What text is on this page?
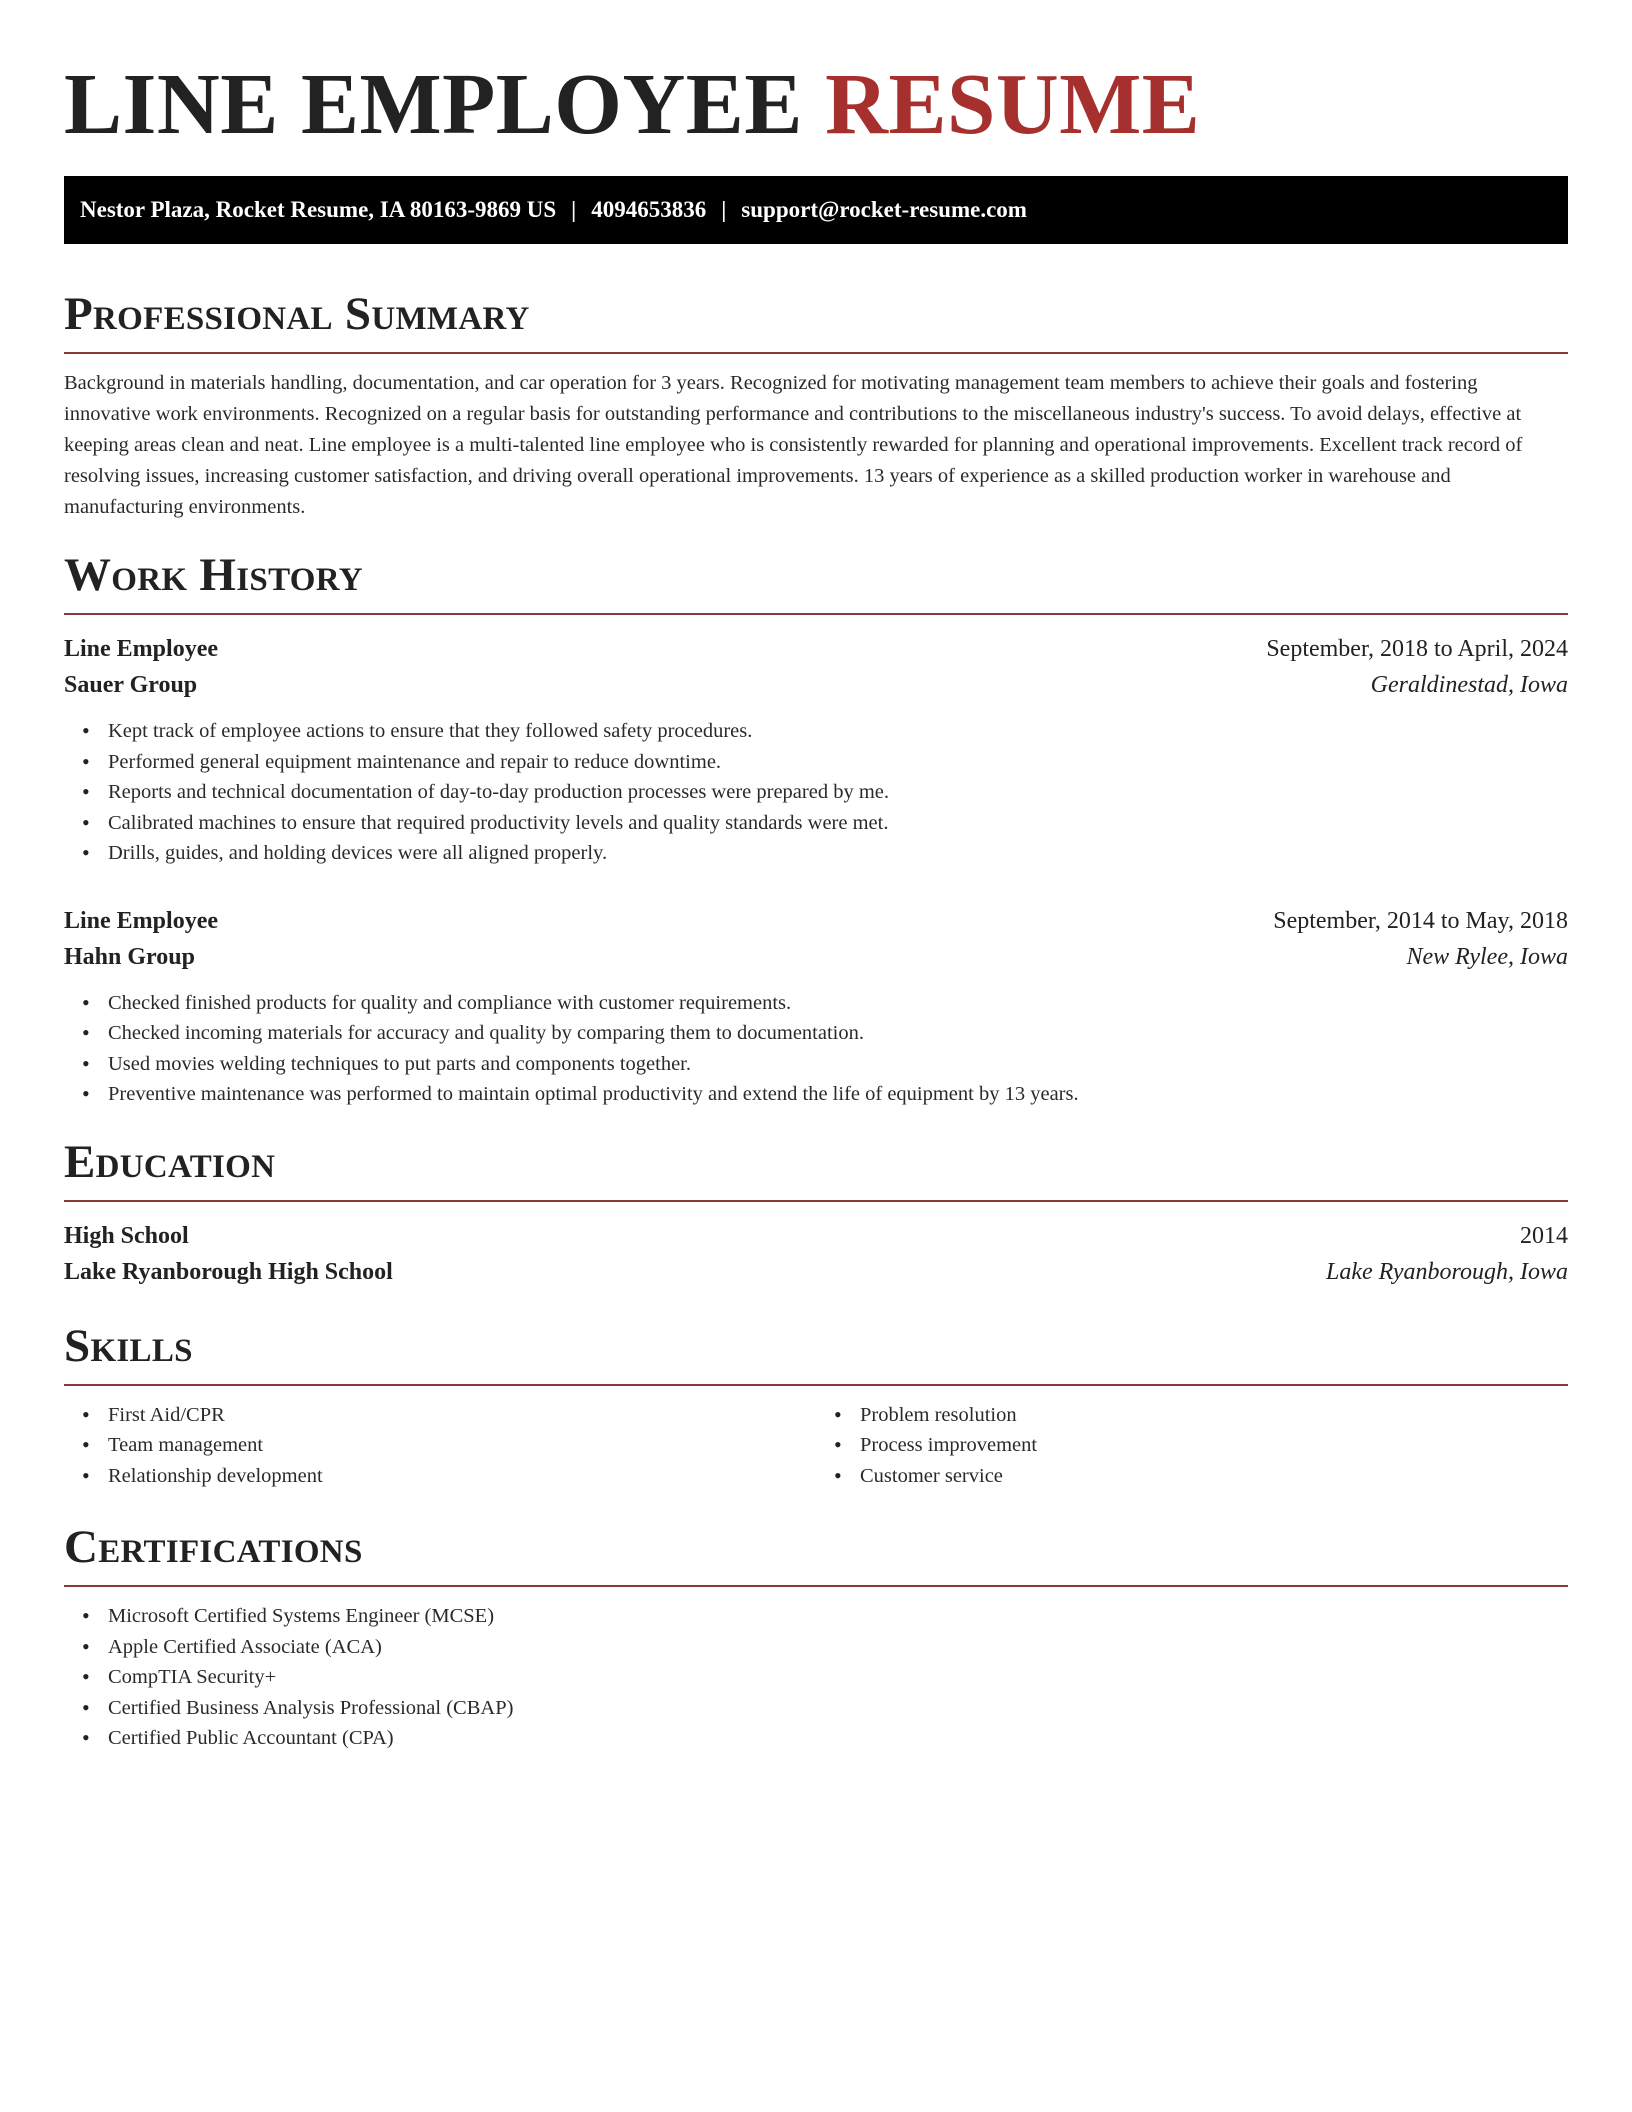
LINE EMPLOYEE RESUME
Nestor Plaza, Rocket Resume, IA 80163-9869 US | 4094653836 | support@rocket-resume.com
Professional Summary

Background in materials handling, documentation, and car operation for 3 years. Recognized for motivating management team members to achieve their goals and fostering innovative work environments. Recognized on a regular basis for outstanding performance and contributions to the miscellaneous industry's success. To avoid delays, effective at keeping areas clean and neat. Line employee is a multi-talented line employee who is consistently rewarded for planning and operational improvements. Excellent track record of resolving issues, increasing customer satisfaction, and driving overall operational improvements. 13 years of experience as a skilled production worker in warehouse and manufacturing environments.

Work History
Line Employee	September, 2018 to April, 2024
Sauer Group	Geraldinestad, Iowa
• Kept track of employee actions to ensure that they followed safety procedures.
• Performed general equipment maintenance and repair to reduce downtime.
• Reports and technical documentation of day-to-day production processes were prepared by me.
• Calibrated machines to ensure that required productivity levels and quality standards were met.
• Drills, guides, and holding devices were all aligned properly.
Line Employee	September, 2014 to May, 2018
Hahn Group	New Rylee, Iowa
• Checked finished products for quality and compliance with customer requirements.
• Checked incoming materials for accuracy and quality by comparing them to documentation.
• Used movies welding techniques to put parts and components together.
• Preventive maintenance was performed to maintain optimal productivity and extend the life of equipment by 13 years.
Education
High School	2014
Lake Ryanborough High School	Lake Ryanborough, Iowa
Skills
• First Aid/CPR
• Team management
• Relationship development
• Problem resolution
• Process improvement
• Customer service
Certifications
• Microsoft Certified Systems Engineer (MCSE)
• Apple Certified Associate (ACA)
• CompTIA Security+
• Certified Business Analysis Professional (CBAP)
• Certified Public Accountant (CPA)
